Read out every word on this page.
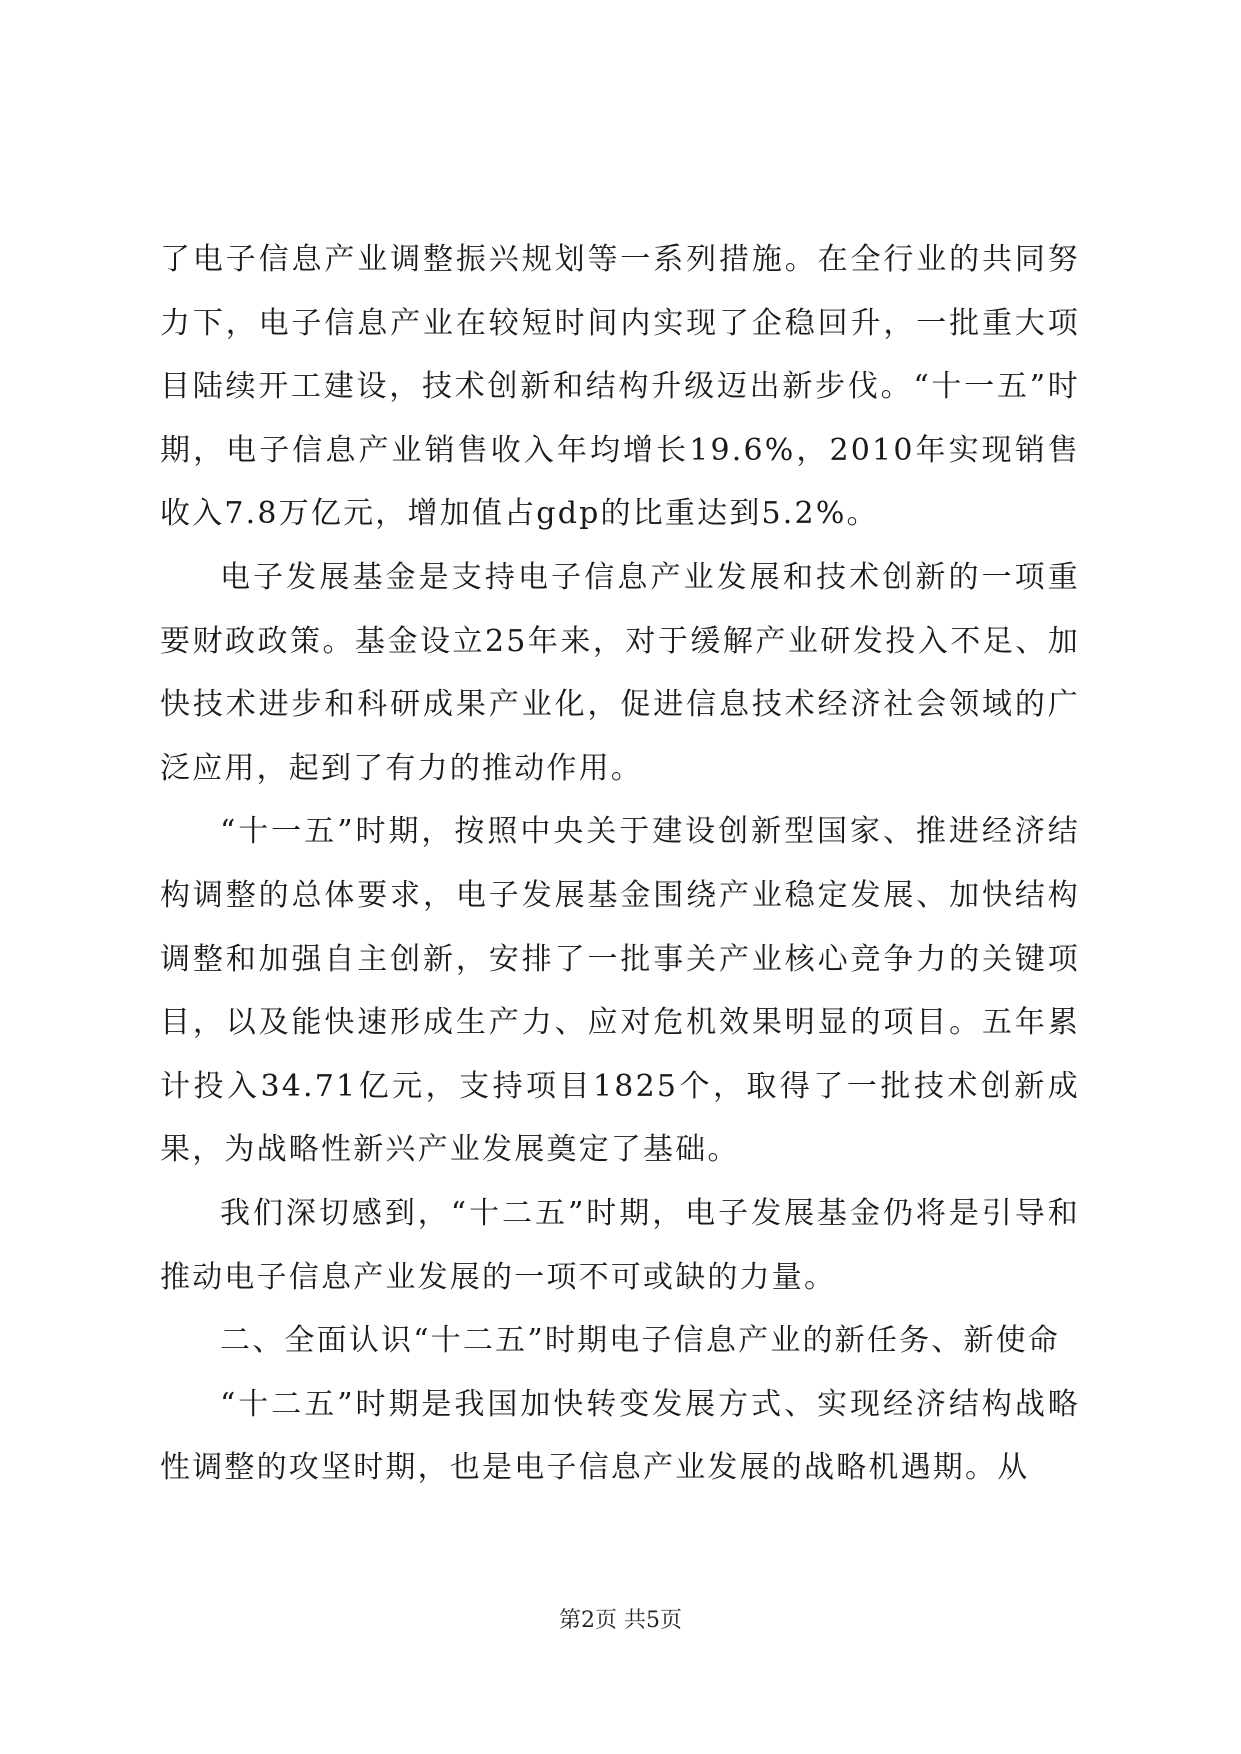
了电子信息产业调整振兴规划等一系列措施。在全行业的共同努力下，电子信息产业在较短时间内实现了企稳回升，一批重大项目陆续开工建设，技术创新和结构升级迈出新步伐。“十一五”时期，电子信息产业销售收入年均增长19.6%，2010年实现销售收入7.8万亿元，增加值占gdp的比重达到5.2%。

电子发展基金是支持电子信息产业发展和技术创新的一项重要财政政策。基金设立25年来，对于缓解产业研发投入不足、加快技术进步和科研成果产业化，促进信息技术经济社会领域的广泛应用，起到了有力的推动作用。

“十一五”时期，按照中央关于建设创新型国家、推进经济结构调整的总体要求，电子发展基金围绕产业稳定发展、加快结构调整和加强自主创新，安排了一批事关产业核心竞争力的关键项目，以及能快速形成生产力、应对危机效果明显的项目。五年累计投入34.71亿元，支持项目1825个，取得了一批技术创新成果，为战略性新兴产业发展奠定了基础。

我们深切感到，“十二五”时期，电子发展基金仍将是引导和推动电子信息产业发展的一项不可或缺的力量。

二、全面认识“十二五”时期电子信息产业的新任务、新使命

“十二五”时期是我国加快转变发展方式、实现经济结构战略性调整的攻坚时期，也是电子信息产业发展的战略机遇期。从

第2页 共5页
